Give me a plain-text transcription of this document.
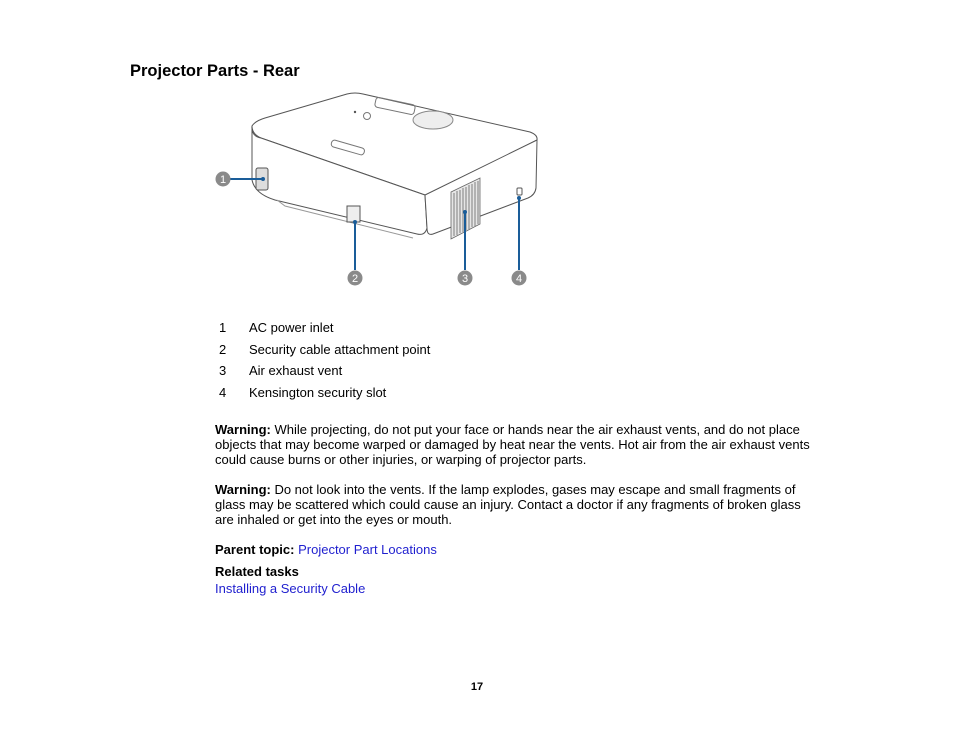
Projector Parts - Rear
1
2	3	4
1 AC power inlet
2 Security cable attachment point
3 Air exhaust vent
4 Kensington security slot

Warning: While projecting, do not put your face or hands near the air exhaust vents, and do not place objects that may become warped or damaged by heat near the vents. Hot air from the air exhaust vents could cause burns or other injuries, or warping of projector parts.

Warning: Do not look into the vents. If the lamp explodes, gases may escape and small fragments of glass may be scattered which could cause an injury. Contact a doctor if any fragments of broken glass are inhaled or get into the eyes or mouth.

Parent topic: Projector Part Locations
Related tasks
Installing a Security Cable
17
